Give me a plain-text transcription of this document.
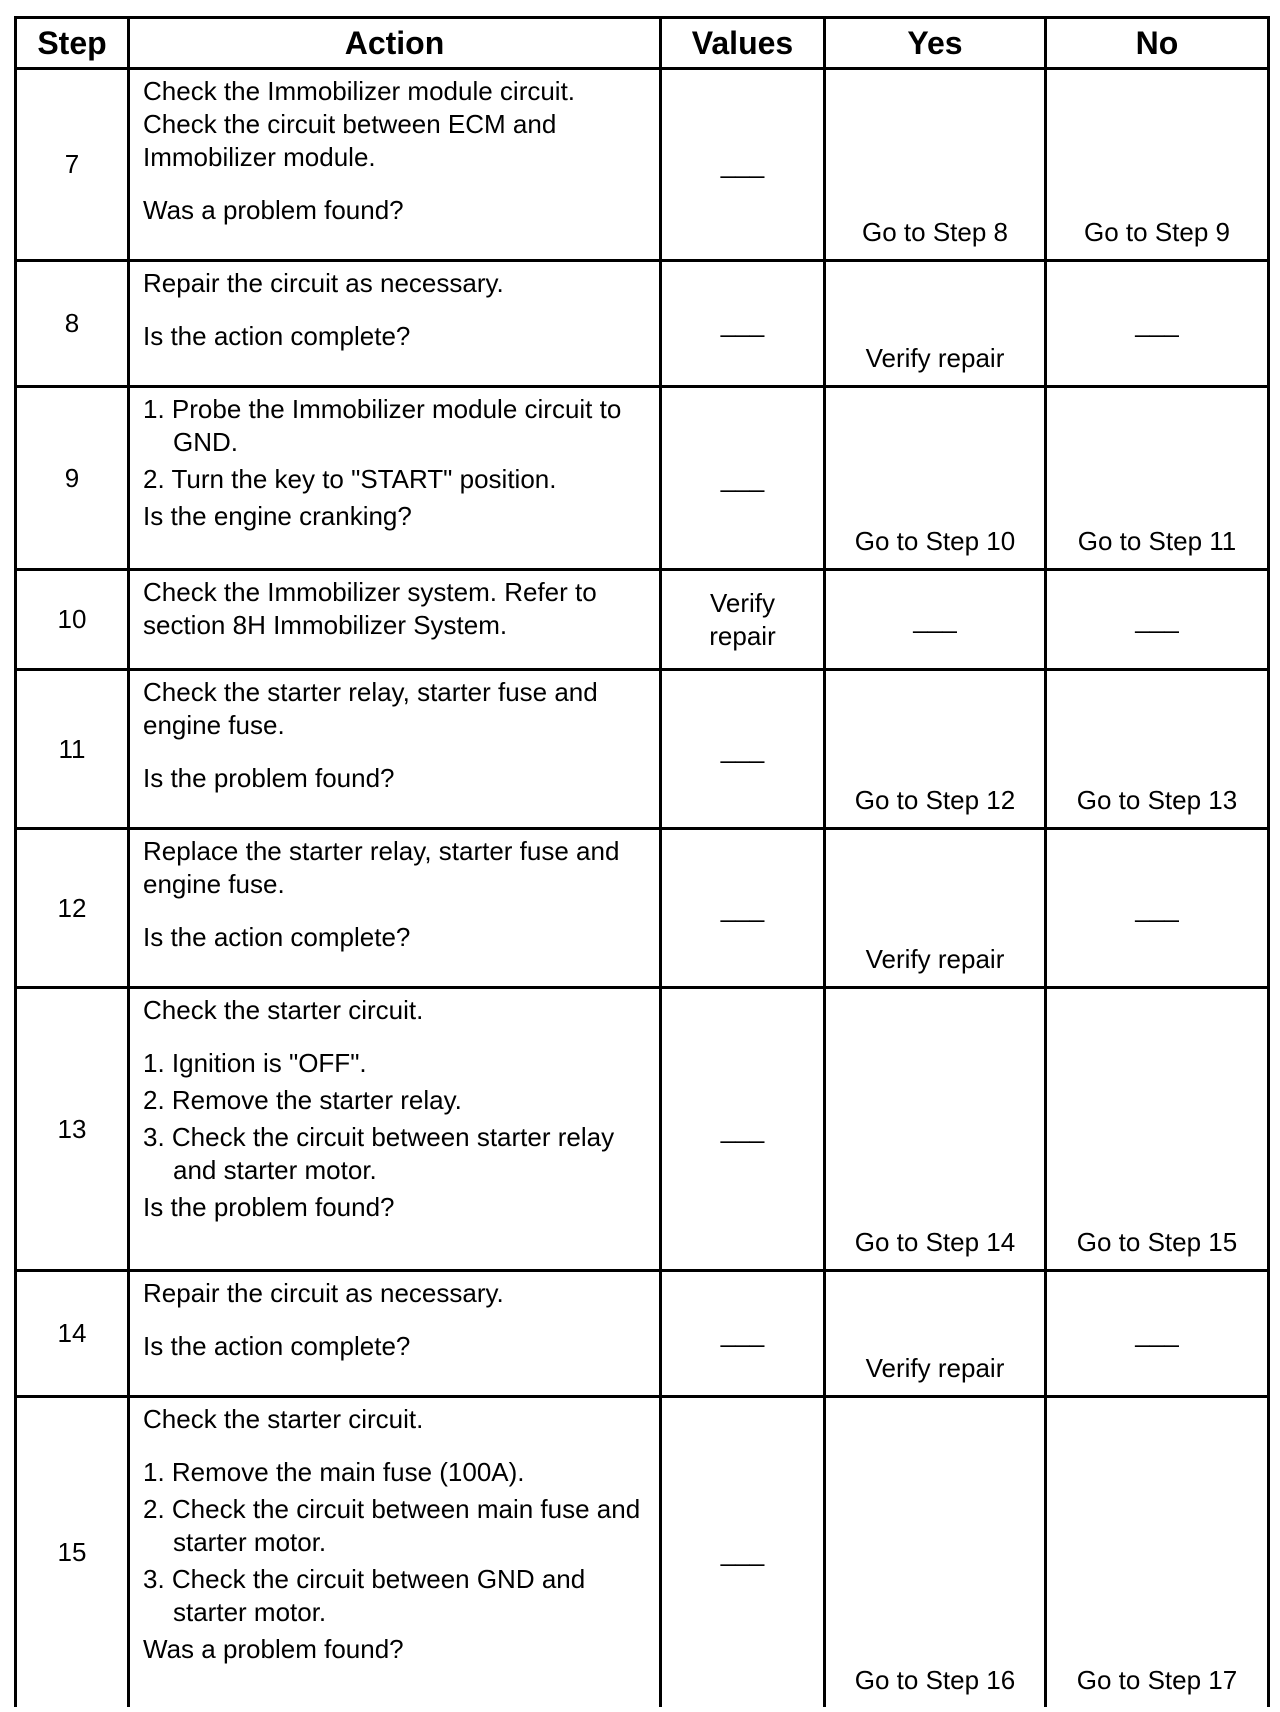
Step	Action	Values	Yes	No
7	Check the Immobilizer module circuit.

Check the circuit between ECM and Immobilizer module.

Was a problem found?	___	Go to Step 8	Go to Step 9
8	Repair the circuit as necessary.

Is the action complete?	___	Verify repair	___
9	1. Probe the Immobilizer module circuit to GND.

2. Turn the key to "START" position.

Is the engine cranking?	___	Go to Step 10	Go to Step 11
10	Check the Immobilizer system. Refer to section 8H Immobilizer System.	Verify repair	___	___
11	Check the starter relay, starter fuse and engine fuse.

Is the problem found?	___	Go to Step 12	Go to Step 13
12	Replace the starter relay, starter fuse and engine fuse.

Is the action complete?	___	Verify repair	___
13	Check the starter circuit.

1. Ignition is "OFF".

2. Remove the starter relay.

3. Check the circuit between starter relay and starter motor.

Is the problem found?	___	Go to Step 14	Go to Step 15
14	Repair the circuit as necessary.

Is the action complete?	___	Verify repair	___
15	Check the starter circuit.

1. Remove the main fuse (100A).

2. Check the circuit between main fuse and starter motor.

3. Check the circuit between GND and starter motor.

Was a problem found?	___	Go to Step 16	Go to Step 17
